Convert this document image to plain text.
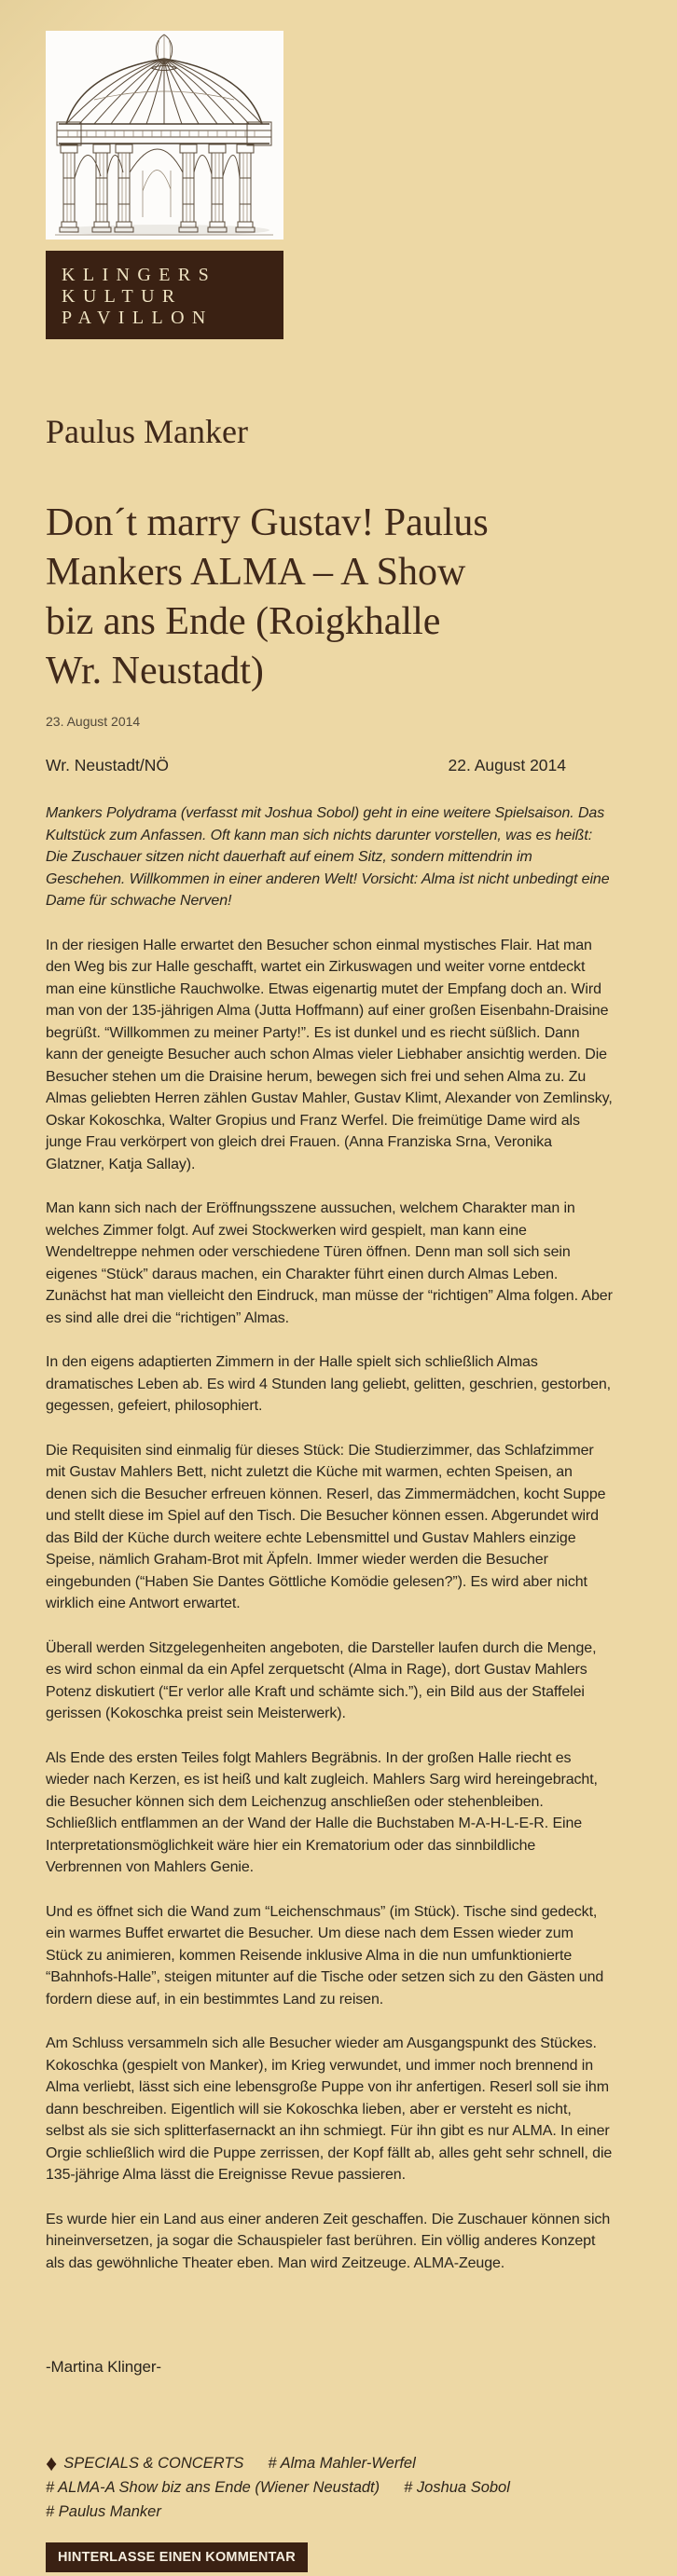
KLINGERS
KULTUR
PAVILLON
Paulus Manker
Don´t marry Gustav! Paulus
Mankers ALMA – A Show
biz ans Ende (Roigkhalle
Wr. Neustadt)
23. August 2014
Wr. Neustadt/NÖ	22. August 2014

Mankers Polydrama (verfasst mit Joshua Sobol) geht in eine weitere Spielsaison. Das Kultstück zum Anfassen. Oft kann man sich nichts darunter vorstellen, was es heißt: Die Zuschauer sitzen nicht dauerhaft auf einem Sitz, sondern mittendrin im Geschehen. Willkommen in einer anderen Welt! Vorsicht: Alma ist nicht unbedingt eine Dame für schwache Nerven!

In der riesigen Halle erwartet den Besucher schon einmal mystisches Flair. Hat man den Weg bis zur Halle geschafft, wartet ein Zirkuswagen und weiter vorne entdeckt man eine künstliche Rauchwolke. Etwas eigenartig mutet der Empfang doch an. Wird man von der 135-jährigen Alma (Jutta Hoffmann) auf einer großen Eisenbahn-Draisine begrüßt. “Willkommen zu meiner Party!”. Es ist dunkel und es riecht süßlich. Dann kann der geneigte Besucher auch schon Almas vieler Liebhaber ansichtig werden. Die Besucher stehen um die Draisine herum, bewegen sich frei und sehen Alma zu. Zu Almas geliebten Herren zählen Gustav Mahler, Gustav Klimt, Alexander von Zemlinsky, Oskar Kokoschka, Walter Gropius und Franz Werfel. Die freimütige Dame wird als junge Frau verkörpert von gleich drei Frauen. (Anna Franziska Srna, Veronika Glatzner, Katja Sallay).

Man kann sich nach der Eröffnungsszene aussuchen, welchem Charakter man in welches Zimmer folgt. Auf zwei Stockwerken wird gespielt, man kann eine Wendeltreppe nehmen oder verschiedene Türen öffnen. Denn man soll sich sein eigenes “Stück” daraus machen, ein Charakter führt einen durch Almas Leben. Zunächst hat man vielleicht den Eindruck, man müsse der “richtigen” Alma folgen. Aber es sind alle drei die “richtigen” Almas.

In den eigens adaptierten Zimmern in der Halle spielt sich schließlich Almas dramatisches Leben ab. Es wird 4 Stunden lang geliebt, gelitten, geschrien, gestorben, gegessen, gefeiert, philosophiert.

Die Requisiten sind einmalig für dieses Stück: Die Studierzimmer, das Schlafzimmer mit Gustav Mahlers Bett, nicht zuletzt die Küche mit warmen, echten Speisen, an denen sich die Besucher erfreuen können. Reserl, das Zimmermädchen, kocht Suppe und stellt diese im Spiel auf den Tisch. Die Besucher können essen. Abgerundet wird das Bild der Küche durch weitere echte Lebensmittel und Gustav Mahlers einzige Speise, nämlich Graham-Brot mit Äpfeln. Immer wieder werden die Besucher eingebunden (“Haben Sie Dantes Göttliche Komödie gelesen?”). Es wird aber nicht wirklich eine Antwort erwartet.

Überall werden Sitzgelegenheiten angeboten, die Darsteller laufen durch die Menge, es wird schon einmal da ein Apfel zerquetscht (Alma in Rage), dort Gustav Mahlers Potenz diskutiert (“Er verlor alle Kraft und schämte sich.”), ein Bild aus der Staffelei gerissen (Kokoschka preist sein Meisterwerk).

Als Ende des ersten Teiles folgt Mahlers Begräbnis. In der großen Halle riecht es wieder nach Kerzen, es ist heiß und kalt zugleich. Mahlers Sarg wird hereingebracht, die Besucher können sich dem Leichenzug anschließen oder stehenbleiben. Schließlich entflammen an der Wand der Halle die Buchstaben M-A-H-L-E-R. Eine Interpretationsmöglichkeit wäre hier ein Krematorium oder das sinnbildliche Verbrennen von Mahlers Genie.

Und es öffnet sich die Wand zum “Leichenschmaus” (im Stück). Tische sind gedeckt, ein warmes Buffet erwartet die Besucher. Um diese nach dem Essen wieder zum Stück zu animieren, kommen Reisende inklusive Alma in die nun umfunktionierte “Bahnhofs-Halle”, steigen mitunter auf die Tische oder setzen sich zu den Gästen und fordern diese auf, in ein bestimmtes Land zu reisen.

Am Schluss versammeln sich alle Besucher wieder am Ausgangspunkt des Stückes. Kokoschka (gespielt von Manker), im Krieg verwundet, und immer noch brennend in Alma verliebt, lässt sich eine lebensgroße Puppe von ihr anfertigen. Reserl soll sie ihm dann beschreiben. Eigentlich will sie Kokoschka lieben, aber er versteht es nicht, selbst als sie sich splitterfasernackt an ihn schmiegt. Für ihn gibt es nur ALMA. In einer Orgie schließlich wird die Puppe zerrissen, der Kopf fällt ab, alles geht sehr schnell, die 135-jährige Alma lässt die Ereignisse Revue passieren.

Es wurde hier ein Land aus einer anderen Zeit geschaffen. Die Zuschauer können sich hineinversetzen, ja sogar die Schauspieler fast berühren. Ein völlig anderes Konzept als das gewöhnliche Theater eben. Man wird Zeitzeuge. ALMA-Zeuge.

-Martina Klinger-
♦ SPECIALS & CONCERTS # Alma Mahler-Werfel# ALMA-A Show biz ans Ende (Wiener Neustadt) # Joshua Sobol# Paulus Manker
HINTERLASSE EINEN KOMMENTAR
